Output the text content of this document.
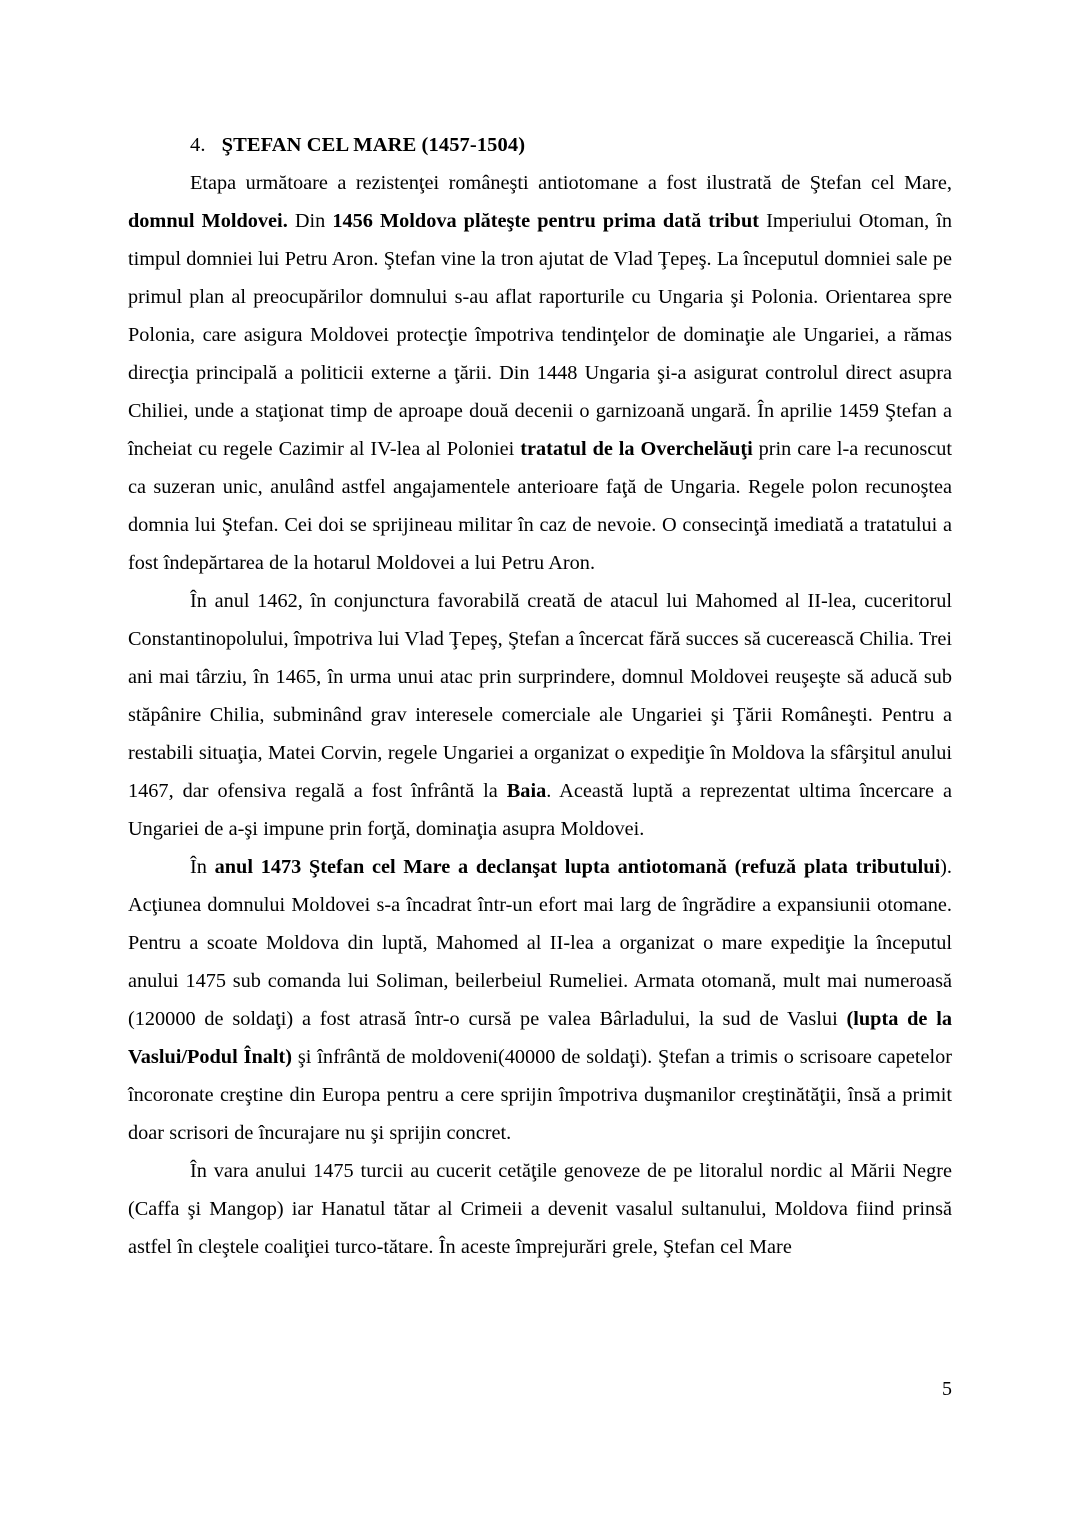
4. ŞTEFAN CEL MARE (1457-1504)

Etapa următoare a rezistenţei româneşti antiotomane a fost ilustrată de Ştefan cel Mare, domnul Moldovei. Din 1456 Moldova plăteşte pentru prima dată tribut Imperiului Otoman, în timpul domniei lui Petru Aron. Ştefan vine la tron ajutat de Vlad Ţepeş. La începutul domniei sale pe primul plan al preocupărilor domnului s-au aflat raporturile cu Ungaria şi Polonia. Orientarea spre Polonia, care asigura Moldovei protecţie împotriva tendinţelor de dominaţie ale Ungariei, a rămas direcţia principală a politicii externe a ţării. Din 1448 Ungaria şi-a asigurat controlul direct asupra Chiliei, unde a staţionat timp de aproape două decenii o garnizoană ungară. În aprilie 1459 Ştefan a încheiat cu regele Cazimir al IV-lea al Poloniei tratatul de la Overchelăuţi prin care l-a recunoscut ca suzeran unic, anulând astfel angajamentele anterioare faţă de Ungaria. Regele polon recunoştea domnia lui Ştefan. Cei doi se sprijineau militar în caz de nevoie. O consecinţă imediată a tratatului a fost îndepărtarea de la hotarul Moldovei a lui Petru Aron.

În anul 1462, în conjunctura favorabilă creată de atacul lui Mahomed al II-lea, cuceritorul Constantinopolului, împotriva lui Vlad Ţepeş, Ştefan a încercat fără succes să cucerească Chilia. Trei ani mai târziu, în 1465, în urma unui atac prin surprindere, domnul Moldovei reuşeşte să aducă sub stăpânire Chilia, subminând grav interesele comerciale ale Ungariei şi Ţării Româneşti. Pentru a restabili situaţia, Matei Corvin, regele Ungariei a organizat o expediţie în Moldova la sfârşitul anului 1467, dar ofensiva regală a fost înfrântă la Baia. Această luptă a reprezentat ultima încercare a Ungariei de a-şi impune prin forţă, dominaţia asupra Moldovei.

În anul 1473 Ştefan cel Mare a declanşat lupta antiotomană (refuză plata tributului). Acţiunea domnului Moldovei s-a încadrat într-un efort mai larg de îngrădire a expansiunii otomane. Pentru a scoate Moldova din luptă, Mahomed al II-lea a organizat o mare expediţie la începutul anului 1475 sub comanda lui Soliman, beilerbeiul Rumeliei. Armata otomană, mult mai numeroasă (120000 de soldaţi) a fost atrasă într-o cursă pe valea Bârladului, la sud de Vaslui (lupta de la Vaslui/Podul Înalt) şi înfrântă de moldoveni(40000 de soldaţi). Ştefan a trimis o scrisoare capetelor încoronate creştine din Europa pentru a cere sprijin împotriva duşmanilor creştinătăţii, însă a primit doar scrisori de încurajare nu şi sprijin concret.

În vara anului 1475 turcii au cucerit cetăţile genoveze de pe litoralul nordic al Mării Negre (Caffa şi Mangop) iar Hanatul tătar al Crimeii a devenit vasalul sultanului, Moldova fiind prinsă astfel în cleştele coaliţiei turco-tătare. În aceste împrejurări grele, Ştefan cel Mare

5
